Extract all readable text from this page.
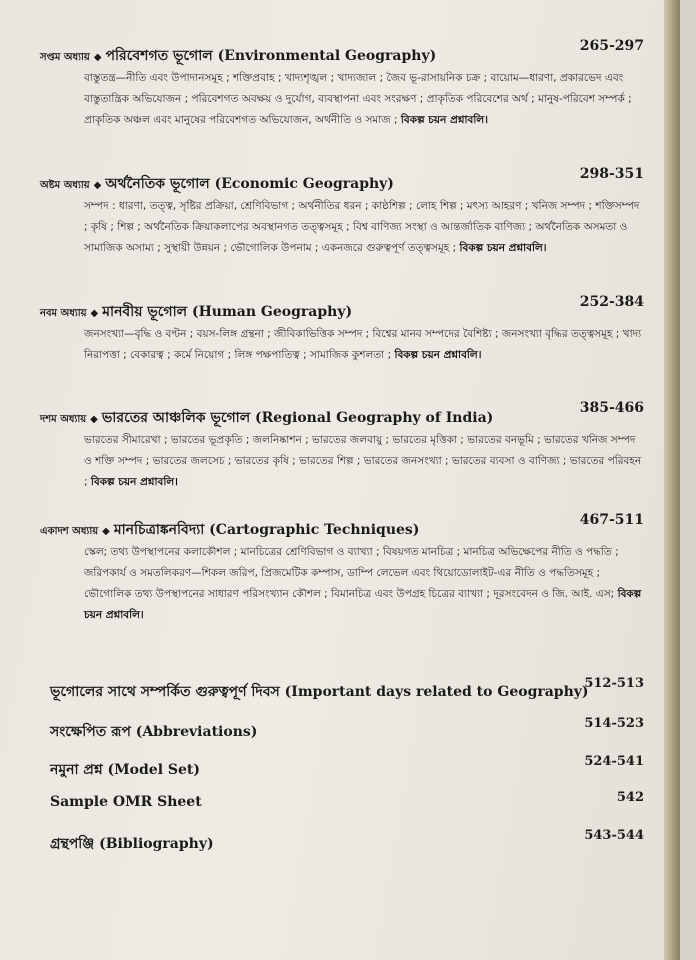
সপ্তম অধ্যায় ◆ পরিবেশগত ভূগোল (Environmental Geography)
265-297

বাস্তুতন্ত্র—নীতি এবং উপাদানসমূহ ; শক্তিপ্রবাহ ; খাদ্যশৃঙ্খল ; খাদ্যজাল ; জৈব ভূ-রাসায়নিক চক্র ; বায়োম—ধারণা, প্রকারভেদ এবং বাস্তুতান্ত্রিক অভিযোজন ; পরিবেশগত অবক্ষয় ও দুর্যোগ, ব্যবস্থাপনা এবং সংরক্ষণ ; প্রাকৃতিক পরিবেশের অর্থ ; মানুষ-পরিবেশ সম্পর্ক ; প্রাকৃতিক অঞ্চল এবং মানুষের পরিবেশগত অভিযোজন, অর্থনীতি ও সমাজ ; বিকল্প চয়ন প্রশ্নাবলি।

অষ্টম অধ্যায় ◆ অর্থনৈতিক ভূগোল (Economic Geography)
298-351

সম্পদ : ধারণা, তত্ত্ব, সৃষ্টির প্রক্রিয়া, শ্রেণিবিভাগ ; অর্থনীতির ধরন ; কাষ্ঠশিল্প ; লোহ শিল্প ; মৎস্য আহরণ ; খনিজ সম্পদ ; শক্তিসম্পদ ; কৃষি ; শিল্প ; অর্থনৈতিক ক্রিয়াকলাপের অবস্থানগত তত্ত্বসমূহ ; বিশ্ব বাণিজ্য সংস্থা ও আন্তর্জাতিক বাণিজ্য ; অর্থনৈতিক অসমতা ও সামাজিক অসাম্য ; সুস্থায়ী উন্নয়ন ; ভৌগোলিক উপনাম ; একনজরে গুরুত্বপূর্ণ তত্ত্বসমূহ ; বিকল্প চয়ন প্রশ্নাবলি।

নবম অধ্যায় ◆ মানবীয় ভূগোল (Human Geography)
252-384

জনসংখ্যা—বৃদ্ধি ও বণ্টন ; বয়স-লিঙ্গ গ্রন্থনা ; জীবিকাভিত্তিক সম্পদ ; বিশ্বের মানব সম্পদের বৈশিষ্ট্য ; জনসংখ্যা বৃদ্ধির তত্ত্বসমূহ ; খাদ্য নিরাপত্তা ; বেকারত্ব ; কর্মে নিয়োগ ; লিঙ্গ পক্ষপাতিত্ব ; সামাজিক কুশলতা ; বিকল্প চয়ন প্রশ্নাবলি।

দশম অধ্যায় ◆ ভারতের আঞ্চলিক ভূগোল (Regional Geography of India)
385-466

ভারতের সীমারেখা ; ভারতের ভূপ্রকৃতি ; জলনিষ্কাশন ; ভারতের জলবায়ু ; ভারতের মৃত্তিকা ; ভারতের বনভূমি ; ভারতের খনিজ সম্পদ ও শক্তি সম্পদ ; ভারতের জলসেচ ; ভারতের কৃষি ; ভারতের শিল্প ; ভারতের জনসংখ্যা ; ভারতের ব্যবসা ও বাণিজ্য ; ভারতের পরিবহন ; বিকল্প চয়ন প্রশ্নাবলি।

একাদশ অধ্যায় ◆ মানচিত্রাঙ্কনবিদ্যা (Cartographic Techniques)
467-511

স্কেল; তথ্য উপস্থাপনের কলাকৌশল ; মানচিত্রের শ্রেণিবিভাগ ও ব্যাখ্যা ; বিষয়গত মানচিত্র ; মানচিত্র অভিক্ষেপের নীতি ও পদ্ধতি ; জরিপকার্য ও সমতলিকরণ—শিকল জরিপ, প্রিজমেটিক কম্পাস, ডাম্পি লেভেল এবং থিয়োডোলাইট-এর নীতি ও পদ্ধতিসমূহ ; ভৌগোলিক তথ্য উপস্থাপনের সাধারণ পরিসংখ্যান কৌশল ; বিমানচিত্র এবং উপগ্রহ চিত্রের ব্যাখ্যা ; দূরসংবেদন ও জি. আই. এস; বিকল্প চয়ন প্রশ্নাবলি।

ভূগোলের সাথে সম্পর্কিত গুরুত্বপূর্ণ দিবস (Important days related to Geography)
512-513
সংক্ষেপিত রূপ (Abbreviations)
514-523
নমুনা প্রশ্ন (Model Set)
524-541
Sample OMR Sheet	542
গ্রন্থপঞ্জি (Bibliography)
543-544
